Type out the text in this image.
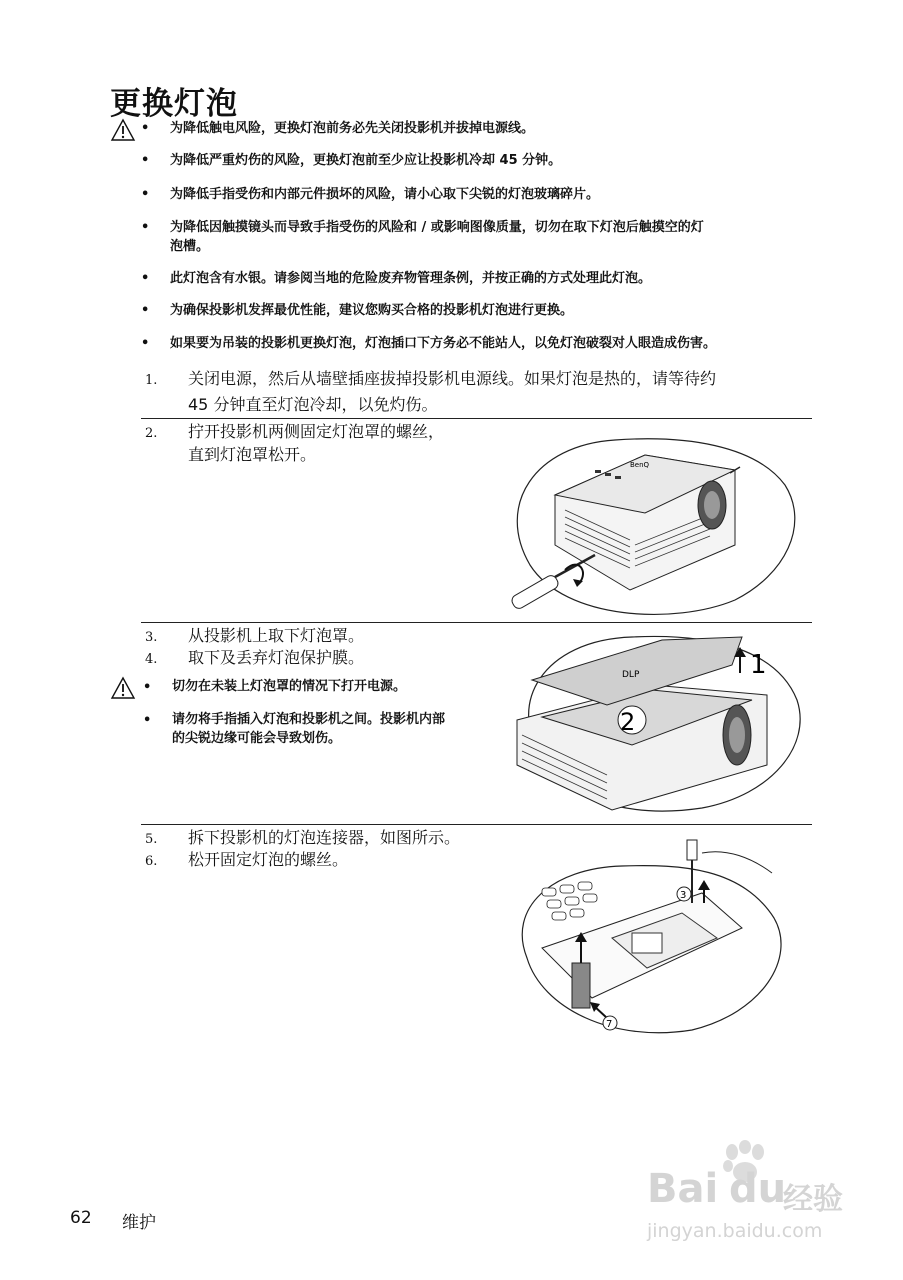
更换灯泡
• 为降低触电风险，更换灯泡前务必先关闭投影机并拔掉电源线。
• 为降低严重灼伤的风险，更换灯泡前至少应让投影机冷却 45 分钟。
• 为降低手指受伤和内部元件损坏的风险，请小心取下尖锐的灯泡玻璃碎片。
• 为降低因触摸镜头而导致手指受伤的风险和 / 或影响图像质量，切勿在取下灯泡后触摸空的灯
泡槽。
• 此灯泡含有水银。请参阅当地的危险废弃物管理条例，并按正确的方式处理此灯泡。
• 为确保投影机发挥最优性能，建议您购买合格的投影机灯泡进行更换。
• 如果要为吊装的投影机更换灯泡，灯泡插口下方务必不能站人，以免灯泡破裂对人眼造成伤害。
1. 关闭电源，然后从墙壁插座拔掉投影机电源线。如果灯泡是热的，请等待约
45 分钟直至灯泡冷却，以免灼伤。
2. 拧开投影机两侧固定灯泡罩的螺丝，
直到灯泡罩松开。
BenQ
3. 从投影机上取下灯泡罩。
4. 取下及丢弃灯泡保护膜。
• 切勿在未装上灯泡罩的情况下打开电源。
• 请勿将手指插入灯泡和投影机之间。投影机内部
的尖锐边缘可能会导致划伤。
DLP	1
2
5. 拆下投影机的灯泡连接器，如图所示。
6. 松开固定灯泡的螺丝。
3
7
62 维护
Bai du
经验
jingyan.baidu.com
